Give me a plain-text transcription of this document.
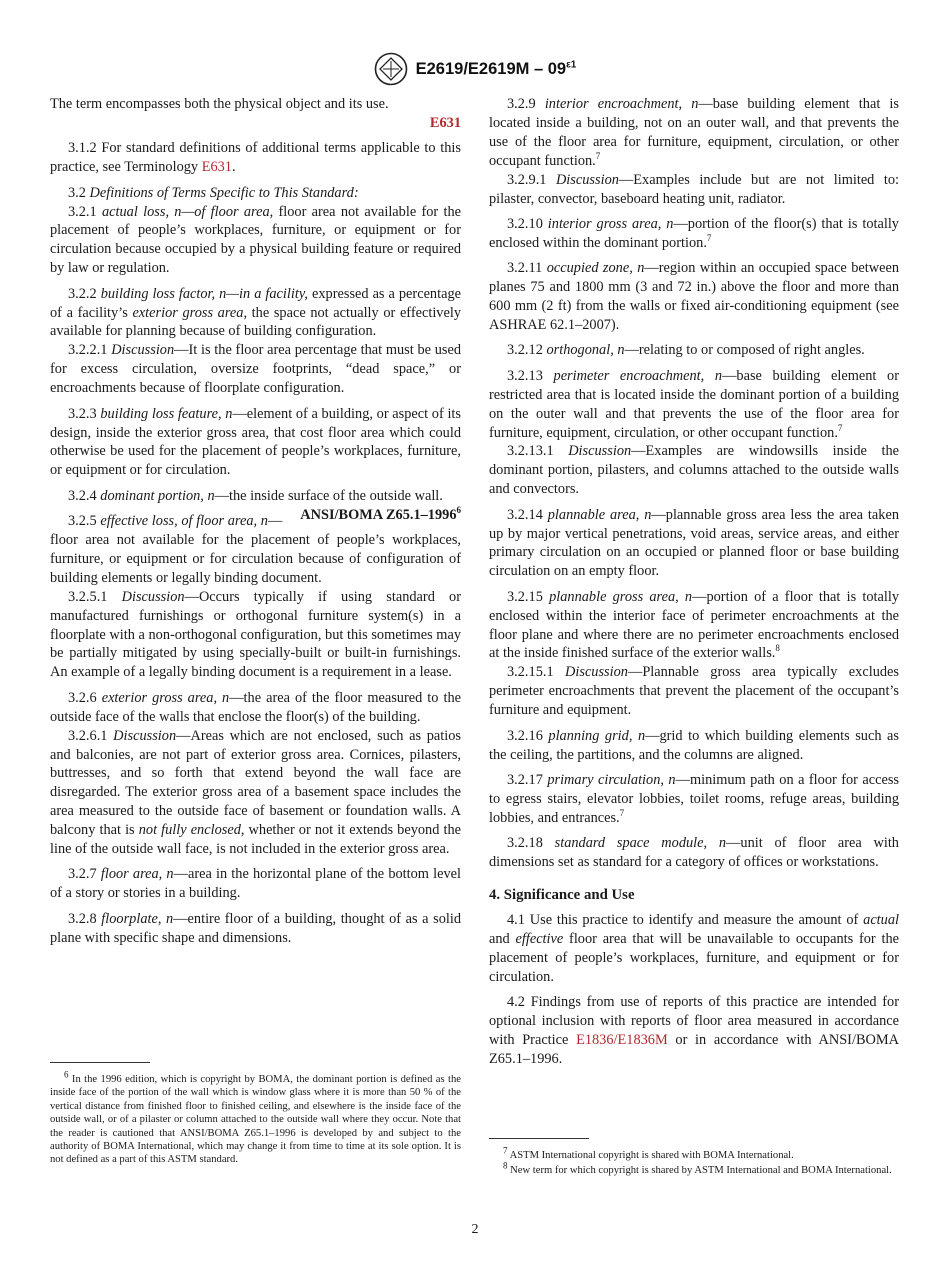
$E2619/E2619M - 09^{\varepsilon 1}$

The term encompasses both the physical object and its use.
E631

3.1.2 For standard definitions of additional terms applicable to this practice, see Terminology E631.

3.2 Definitions of Terms Specific to This Standard:

3.2.1 actual loss, n—of floor area, floor area not available for the placement of people’s workplaces, furniture, or equipment or for circulation because occupied by a physical building feature or required by law or regulation.

3.2.2 building loss factor, n—in a facility, expressed as a percentage of a facility’s exterior gross area, the space not actually or effectively available for planning because of building configuration.

3.2.2.1 Discussion—It is the floor area percentage that must be used for excess circulation, oversize footprints, “dead space,” or encroachments because of floorplate configuration.

3.2.3 building loss feature, n—element of a building, or aspect of its design, inside the exterior gross area, that cost floor area which could otherwise be used for the placement of people’s workplaces, furniture, or equipment or for circulation.

3.2.4 dominant portion, n—the inside surface of the outside wall.
ANSI/BOMA Z65.1–1996$^6$

3.2.5 effective loss, of floor area, n—floor area not available for the placement of people’s workplaces, furniture, or equipment or for circulation because of configuration of building elements or legally binding document.

3.2.5.1 Discussion—Occurs typically if using standard or manufactured furnishings or orthogonal furniture system(s) in a floorplate with a non-orthogonal configuration, but this sometimes may be partially mitigated by using specially-built or built-in furnishings. An example of a legally binding document is a requirement in a lease.

3.2.6 exterior gross area, n—the area of the floor measured to the outside face of the walls that enclose the floor(s) of the building.

3.2.6.1 Discussion—Areas which are not enclosed, such as patios and balconies, are not part of exterior gross area. Cornices, pilasters, buttresses, and so forth that extend beyond the wall face are disregarded. The exterior gross area of a basement space includes the area measured to the outside face of basement or foundation walls. A balcony that is not fully enclosed, whether or not it extends beyond the line of the outside wall face, is not included in the exterior gross area.

3.2.7 floor area, n—area in the horizontal plane of the bottom level of a story or stories in a building.

3.2.8 floorplate, n—entire floor of a building, thought of as a solid plane with specific shape and dimensions.

3.2.9 interior encroachment, n—base building element that is located inside a building, not on an outer wall, and that prevents the use of the floor area for furniture, equipment, circulation, or other occupant function.$^7$

3.2.9.1 Discussion—Examples include but are not limited to: pilaster, convector, baseboard heating unit, radiator.

3.2.10 interior gross area, n—portion of the floor(s) that is totally enclosed within the dominant portion.$^7$

3.2.11 occupied zone, n—region within an occupied space between planes 75 and 1800 mm (3 and 72 in.) above the floor and more than 600 mm (2 ft) from the walls or fixed air-conditioning equipment (see ASHRAE 62.1–2007).

3.2.12 orthogonal, n—relating to or composed of right angles.

3.2.13 perimeter encroachment, n—base building element or restricted area that is located inside the dominant portion of a building on the outer wall and that prevents the use of the floor area for furniture, equipment, circulation, or other occupant function.$^7$

3.2.13.1 Discussion—Examples are windowsills inside the dominant portion, pilasters, and columns attached to the outside walls and convectors.

3.2.14 plannable area, n—plannable gross area less the area taken up by major vertical penetrations, void areas, service areas, and either primary circulation on an occupied or planned floor or base building circulation on an empty floor.

3.2.15 plannable gross area, n—portion of a floor that is totally enclosed within the interior face of perimeter encroachments at the floor plane and where there are no perimeter encroachments enclosed at the inside finished surface of the exterior walls.$^8$

3.2.15.1 Discussion—Plannable gross area typically excludes perimeter encroachments that prevent the placement of the occupant’s furniture and equipment.

3.2.16 planning grid, n—grid to which building elements such as the ceiling, the partitions, and the columns are aligned.

3.2.17 primary circulation, n—minimum path on a floor for access to egress stairs, elevator lobbies, toilet rooms, refuge areas, building lobbies, and entrances.$^7$

3.2.18 standard space module, n—unit of floor area with dimensions set as standard for a category of offices or workstations.

4. Significance and Use

4.1 Use this practice to identify and measure the amount of actual and effective floor area that will be unavailable to occupants for the placement of people’s workplaces, furniture, and equipment or for circulation.

4.2 Findings from use of reports of this practice are intended for optional inclusion with reports of floor area measured in accordance with Practice E1836/E1836M or in accordance with ANSI/BOMA Z65.1–1996.

$^6$ In the 1996 edition, which is copyright by BOMA, the dominant portion is defined as the inside face of the portion of the wall which is window glass where it is more than 50 % of the vertical distance from finished floor to finished ceiling, and elsewhere is the inside face of the outside wall, or of a pilaster or column attached to the outside wall where they occur. Note that the reader is cautioned that ANSI/BOMA Z65.1–1996 is developed by and subject to the authority of BOMA International, which may change it from time to time at its sole option. It is not defined as a part of this ASTM standard.

$^7$ ASTM International copyright is shared with BOMA International.

$^8$ New term for which copyright is shared by ASTM International and BOMA International.

2
